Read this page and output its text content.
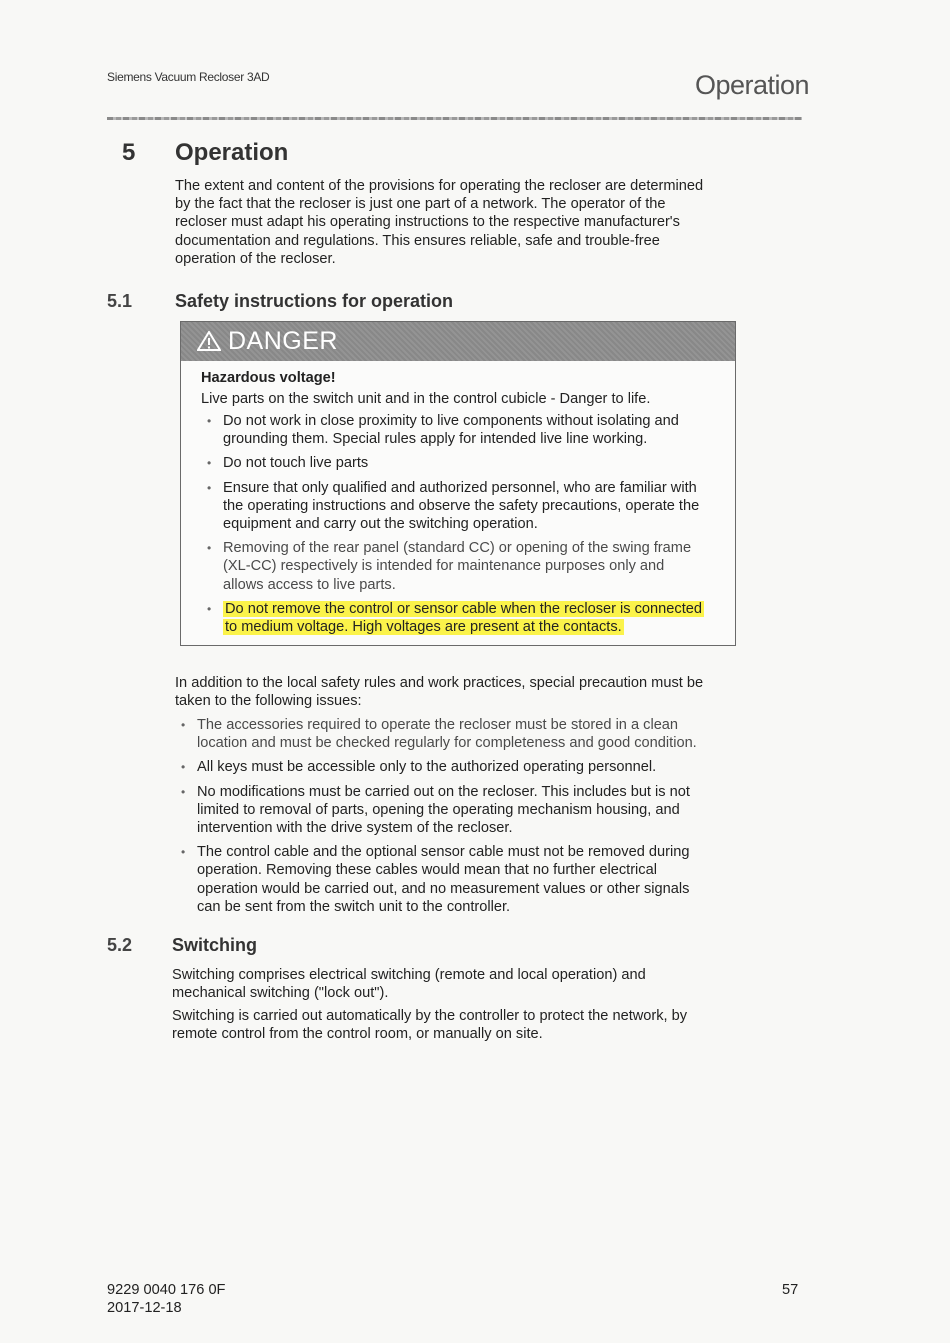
Siemens Vacuum Recloser 3AD	Operation
5 Operation
The extent and content of the provisions for operating the recloser are determined
by the fact that the recloser is just one part of a network. The operator of the
recloser must adapt his operating instructions to the respective manufacturer's
documentation and regulations. This ensures reliable, safe and trouble-free
operation of the recloser.
5.1 Safety instructions for operation
DANGER
Hazardous voltage!
Live parts on the switch unit and in the control cubicle - Danger to life.
• Do not work in close proximity to live components without isolating and
grounding them. Special rules apply for intended live line working.
• Do not touch live parts
• Ensure that only qualified and authorized personnel, who are familiar with
the operating instructions and observe the safety precautions, operate the
equipment and carry out the switching operation.
• Removing of the rear panel (standard CC) or opening of the swing frame
(XL-CC) respectively is intended for maintenance purposes only and
allows access to live parts.
• Do not remove the control or sensor cable when the recloser is connected
to medium voltage. High voltages are present at the contacts.
In addition to the local safety rules and work practices, special precaution must be
taken to the following issues:
• The accessories required to operate the recloser must be stored in a clean
location and must be checked regularly for completeness and good condition.
• All keys must be accessible only to the authorized operating personnel.
• No modifications must be carried out on the recloser. This includes but is not
limited to removal of parts, opening the operating mechanism housing, and
intervention with the drive system of the recloser.
• The control cable and the optional sensor cable must not be removed during
operation. Removing these cables would mean that no further electrical
operation would be carried out, and no measurement values or other signals
can be sent from the switch unit to the controller.
5.2 Switching
Switching comprises electrical switching (remote and local operation) and
mechanical switching ("lock out").
Switching is carried out automatically by the controller to protect the network, by
remote control from the control room, or manually on site.
9229 0040 176 0F
2017-12-18
57
